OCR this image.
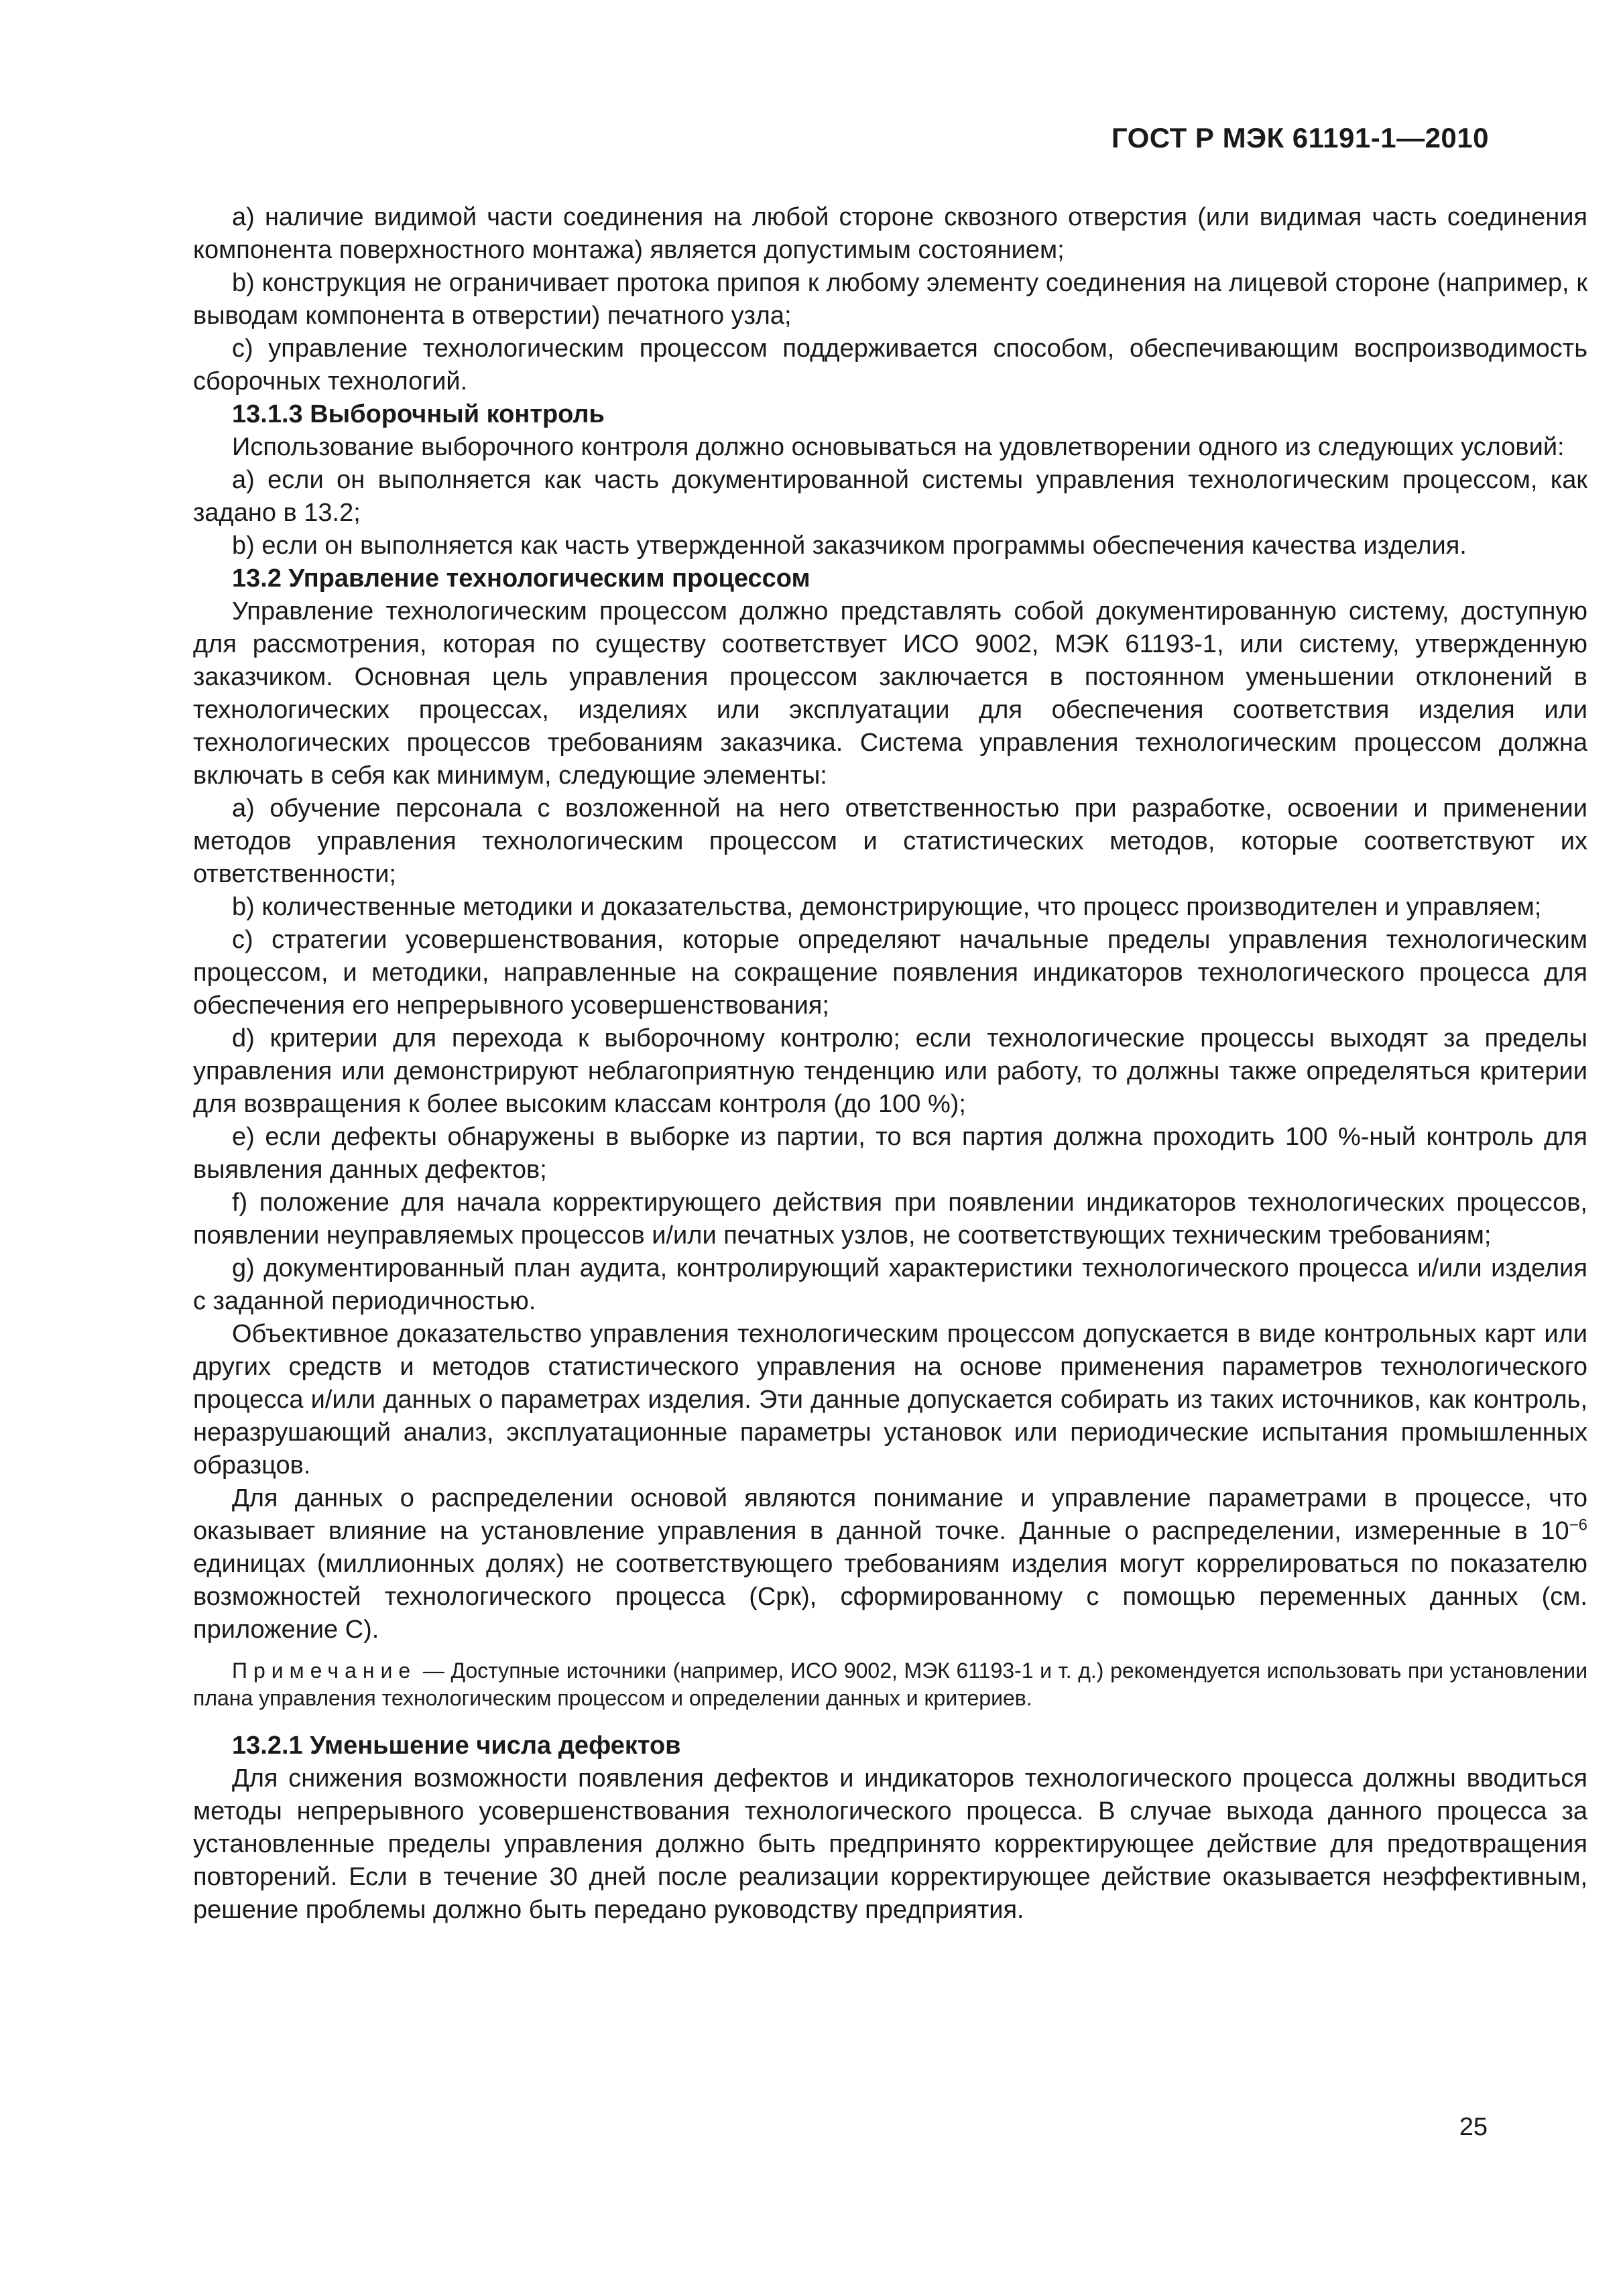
ГОСТ Р МЭК 61191-1—2010

а) наличие видимой части соединения на любой стороне сквозного отверстия (или видимая часть соединения компонента поверхностного монтажа) является допустимым состоянием;

b) конструкция не ограничивает протока припоя к любому элементу соединения на лицевой стороне (например, к выводам компонента в отверстии) печатного узла;

с) управление технологическим процессом поддерживается способом, обеспечивающим воспроизводимость сборочных технологий.

13.1.3 Выборочный контроль

Использование выборочного контроля должно основываться на удовлетворении одного из следующих условий:

а) если он выполняется как часть документированной системы управления технологическим процессом, как задано в 13.2;

b) если он выполняется как часть утвержденной заказчиком программы обеспечения качества изделия.

13.2 Управление технологическим процессом

Управление технологическим процессом должно представлять собой документированную систему, доступную для рассмотрения, которая по существу соответствует ИСО 9002, МЭК 61193-1, или систему, утвержденную заказчиком. Основная цель управления процессом заключается в постоянном уменьшении отклонений в технологических процессах, изделиях или эксплуатации для обеспечения соответствия изделия или технологических процессов требованиям заказчика. Система управления технологическим процессом должна включать в себя как минимум, следующие элементы:

а) обучение персонала с возложенной на него ответственностью при разработке, освоении и применении методов управления технологическим процессом и статистических методов, которые соответствуют их ответственности;

b) количественные методики и доказательства, демонстрирующие, что процесс производителен и управляем;

с) стратегии усовершенствования, которые определяют начальные пределы управления технологическим процессом, и методики, направленные на сокращение появления индикаторов технологического процесса для обеспечения его непрерывного усовершенствования;

d) критерии для перехода к выборочному контролю; если технологические процессы выходят за пределы управления или демонстрируют неблагоприятную тенденцию или работу, то должны также определяться критерии для возвращения к более высоким классам контроля (до 100 %);

е) если дефекты обнаружены в выборке из партии, то вся партия должна проходить 100 %-ный контроль для выявления данных дефектов;

f) положение для начала корректирующего действия при появлении индикаторов технологических процессов, появлении неуправляемых процессов и/или печатных узлов, не соответствующих техническим требованиям;

g) документированный план аудита, контролирующий характеристики технологического процесса и/или изделия с заданной периодичностью.

Объективное доказательство управления технологическим процессом допускается в виде контрольных карт или других средств и методов статистического управления на основе применения параметров технологического процесса и/или данных о параметрах изделия. Эти данные допускается собирать из таких источников, как контроль, неразрушающий анализ, эксплуатационные параметры установок или периодические испытания промышленных образцов.

Для данных о распределении основой являются понимание и управление параметрами в процессе, что оказывает влияние на установление управления в данной точке. Данные о распределении, измеренные в $10^{-6}$ единицах (миллионных долях) не соответствующего требованиям изделия могут коррелироваться по показателю возможностей технологического процесса (Срк), сформированному с помощью переменных данных (см. приложение С).

Примечание — Доступные источники (например, ИСО 9002, МЭК 61193-1 и т. д.) рекомендуется использовать при установлении плана управления технологическим процессом и определении данных и критериев.

13.2.1 Уменьшение числа дефектов

Для снижения возможности появления дефектов и индикаторов технологического процесса должны вводиться методы непрерывного усовершенствования технологического процесса. В случае выхода данного процесса за установленные пределы управления должно быть предпринято корректирующее действие для предотвращения повторений. Если в течение 30 дней после реализации корректирующее действие оказывается неэффективным, решение проблемы должно быть передано руководству предприятия.

25
